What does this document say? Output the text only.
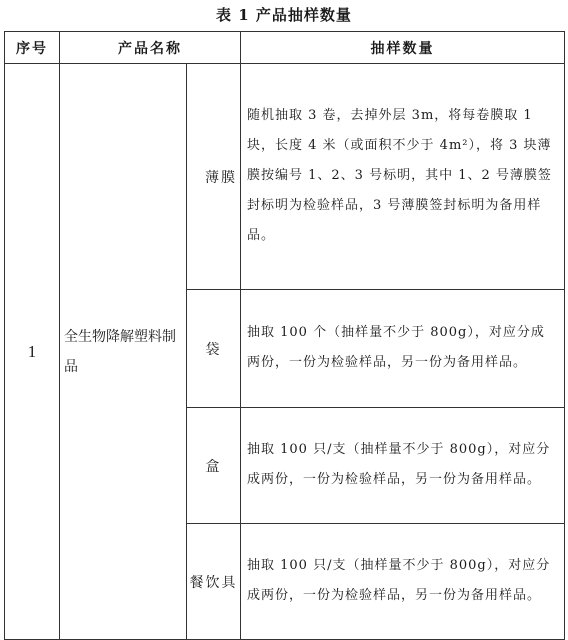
表 1 产品抽样数量
序号	产品名称		抽样数量
1	全生物降解塑料制品	薄膜	随机抽取 3 卷，去掉外层 3m，将每卷膜取 1 块，长度 4 米（或面积不少于 4m²），将 3 块薄膜按编号 1、2、3 号标明，其中 1、2 号薄膜签封标明为检验样品，3 号薄膜签封标明为备用样品。
		袋	抽取 100 个（抽样量不少于 800g），对应分成两份，一份为检验样品，另一份为备用样品。
		盒	抽取 100 只/支（抽样量不少于 800g），对应分成两份，一份为检验样品，另一份为备用样品。
		餐饮具	抽取 100 只/支（抽样量不少于 800g），对应分成两份，一份为检验样品，另一份为备用样品。
